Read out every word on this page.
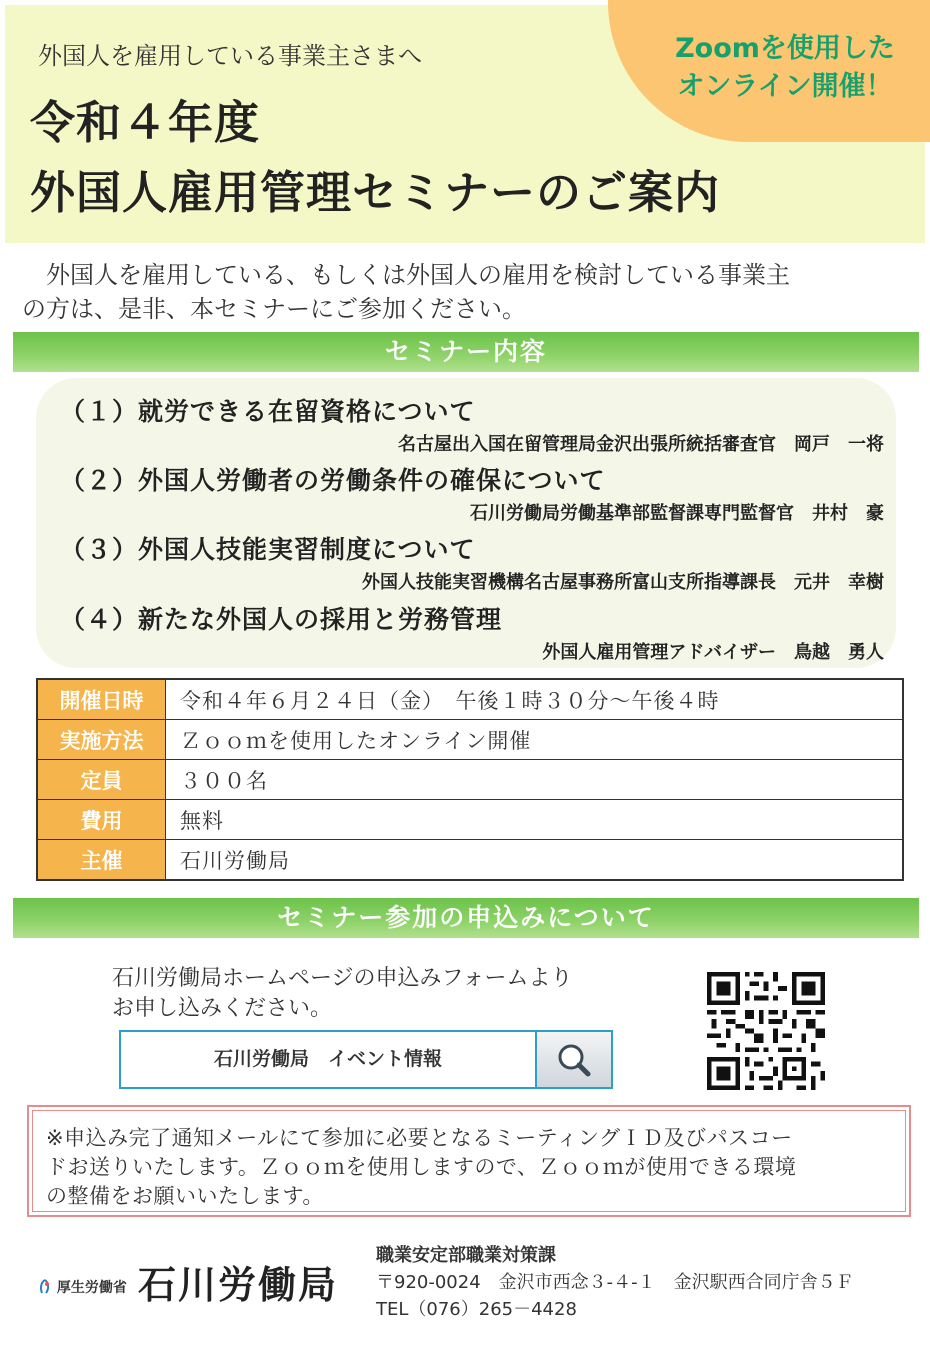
Zoomを使用した
オンライン開催！
外国人を雇用している事業主さまへ
令和４年度
外国人雇用管理セミナーのご案内
　外国人を雇用している、もしくは外国人の雇用を検討している事業主
の方は、是非、本セミナーにご参加ください。
セミナー内容
（１）就労できる在留資格について
名古屋出入国在留管理局金沢出張所統括審査官　岡戸　一将
（２）外国人労働者の労働条件の確保について
石川労働局労働基準部監督課専門監督官　井村　豪
（３）外国人技能実習制度について
外国人技能実習機構名古屋事務所富山支所指導課長　元井　幸樹
（４）新たな外国人の採用と労務管理
外国人雇用管理アドバイザー　鳥越　勇人
開催日時	令和４年６月２４日（金）　午後１時３０分～午後４時
実施方法	Ｚｏｏｍを使用したオンライン開催
定員	３００名
費用	無料
主催	石川労働局
セミナー参加の申込みについて
石川労働局ホームページの申込みフォームより
お申し込みください。
石川労働局　イベント情報
※申込み完了通知メールにて参加に必要となるミーティングＩＤ及びパスコー
ドお送りいたします。Ｚｏｏｍを使用しますので、Ｚｏｏｍが使用できる環境
の整備をお願いいたします。
厚生労働省 石川労働局
職業安定部職業対策課
〒920-0024　金沢市西念３-４-１　金沢駅西合同庁舎５Ｆ
TEL（076）265－4428
